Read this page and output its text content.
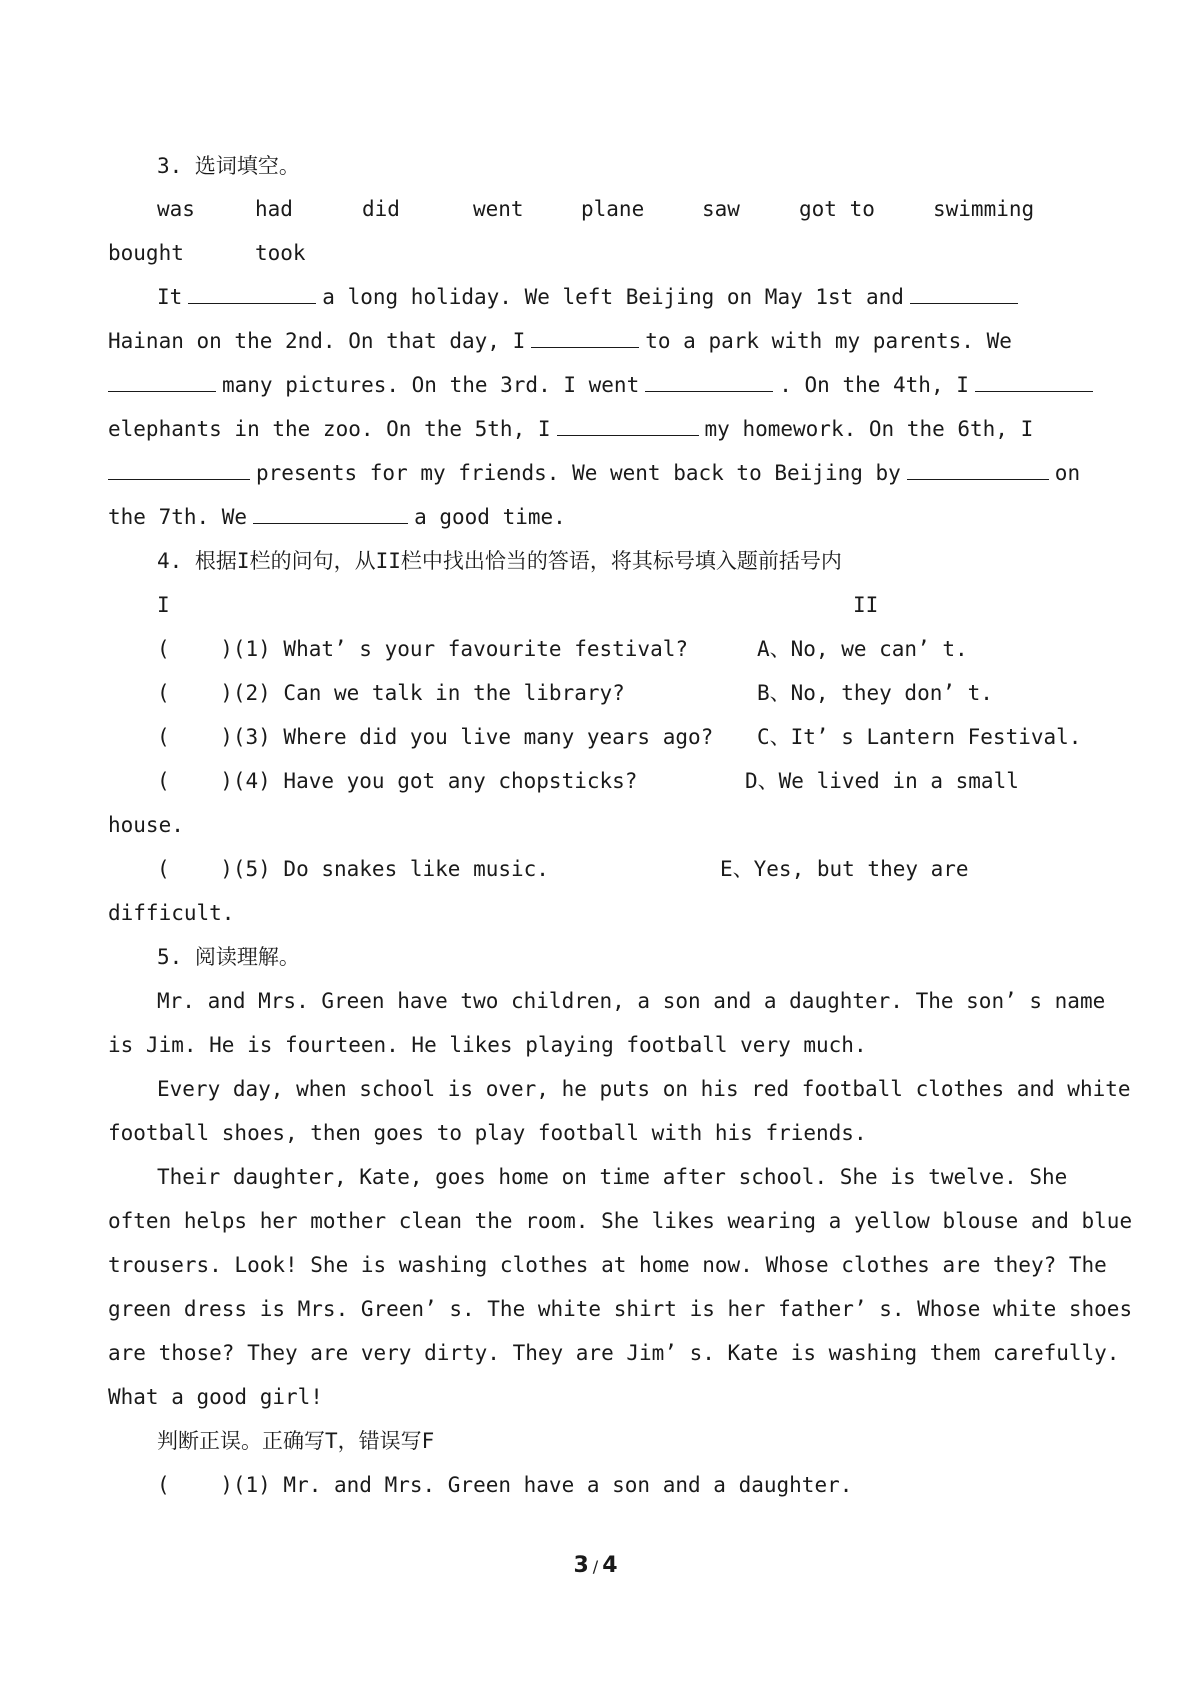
3. 选词填空。
was	had	did	went	plane	saw	got to	swimming
bought	took
It	a long holiday. We left Beijing on May 1st and
Hainan on the 2nd. On that day, I	to a park with my parents. We
many pictures. On the 3rd. I went	. On the 4th, I
elephants in the zoo. On the 5th, I	my homework. On the 6th, I
presents for my friends. We went back to Beijing by	on
the 7th. We	a good time.
4. 根据I栏的问句，从II栏中找出恰当的答语，将其标号填入题前括号内
I	II
(    )(1) What’ s your favourite festival?	A、No, we can’ t.
(    )(2) Can we talk in the library?	B、No, they don’ t.
(    )(3) Where did you live many years ago? C、It’ s Lantern Festival.
(    )(4) Have you got any chopsticks?	D、We lived in a small
house.
(    )(5) Do snakes like music.	E、Yes, but they are
difficult.
5. 阅读理解。
Mr. and Mrs. Green have two children, a son and a daughter. The son’ s name
is Jim. He is fourteen. He likes playing football very much.
Every day, when school is over, he puts on his red football clothes and white
football shoes, then goes to play football with his friends.
Their daughter, Kate, goes home on time after school. She is twelve. She
often helps her mother clean the room. She likes wearing a yellow blouse and blue
trousers. Look! She is washing clothes at home now. Whose clothes are they? The
green dress is Mrs. Green’ s. The white shirt is her father’ s. Whose white shoes
are those? They are very dirty. They are Jim’ s. Kate is washing them carefully.
What a good girl!
判断正误。正确写T，错误写F
(    )(1) Mr. and Mrs. Green have a son and a daughter.
3 / 4
